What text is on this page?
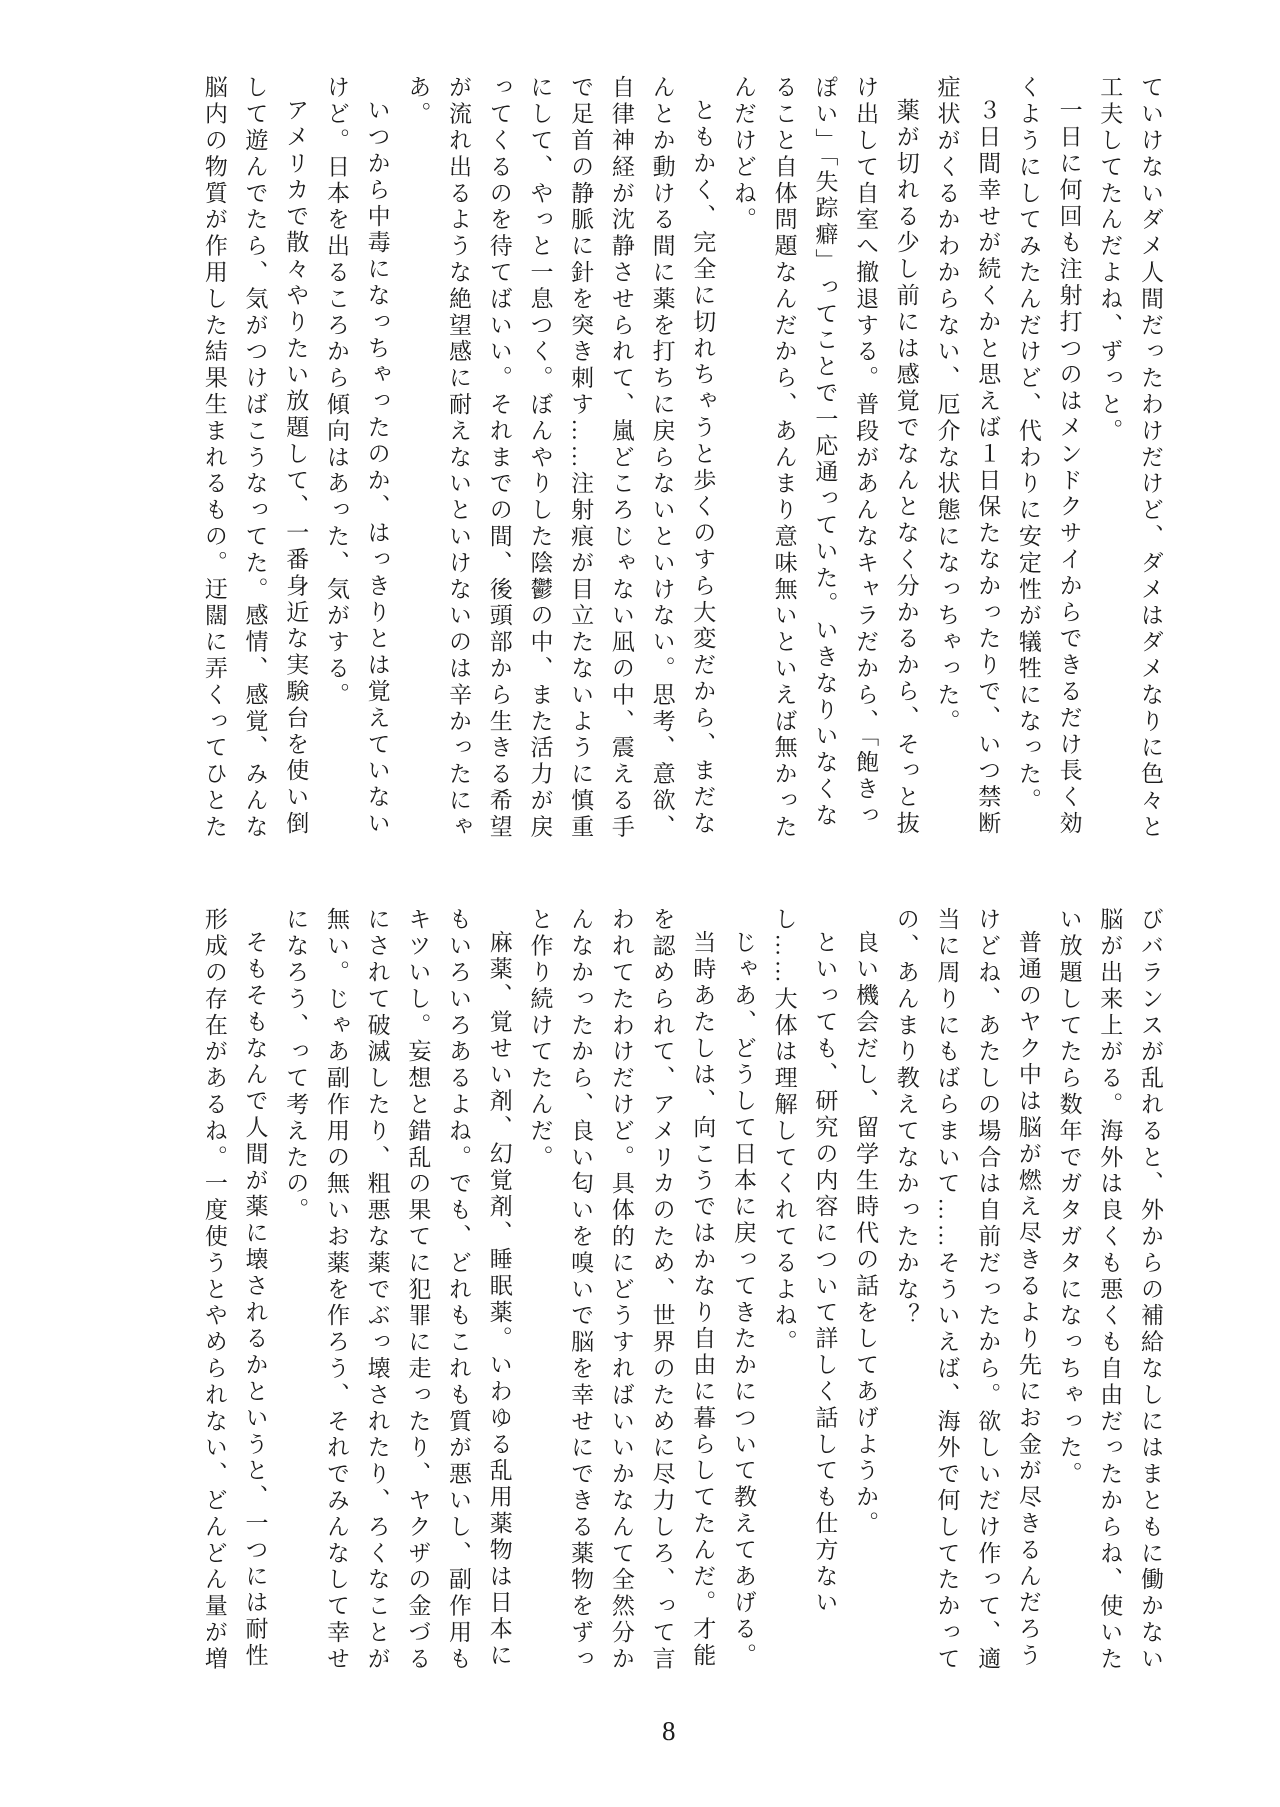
ていけないダメ人間だったわけだけど、ダメはダメなりに色々と工夫してたんだよね、ずっと。

一日に何回も注射打つのはメンドクサイからできるだけ長く効くようにしてみたんだけど、代わりに安定性が犠牲になった。

３日間幸せが続くかと思えば１日保たなかったりで、いつ禁断症状がくるかわからない、厄介な状態になっちゃった。

薬が切れる少し前には感覚でなんとなく分かるから、そっと抜け出して自室へ撤退する。普段があんなキャラだから、「飽きっぽい」「失踪癖」ってことで一応通っていた。いきなりいなくなること自体問題なんだから、あんまり意味無いといえば無かったんだけどね。

ともかく、完全に切れちゃうと歩くのすら大変だから、まだなんとか動ける間に薬を打ちに戻らないといけない。思考、意欲、自律神経が沈静させられて、嵐どころじゃない凪の中、震える手で足首の静脈に針を突き刺す……注射痕が目立たないように慎重にして、やっと一息つく。ぼんやりした陰鬱の中、また活力が戻ってくるのを待てばいい。それまでの間、後頭部から生きる希望が流れ出るような絶望感に耐えないといけないのは辛かったにゃあ。

いつから中毒になっちゃったのか、はっきりとは覚えていないけど。日本を出るころから傾向はあった、気がする。

アメリカで散々やりたい放題して、一番身近な実験台を使い倒して遊んでたら、気がつけばこうなってた。感情、感覚、みんな脳内の物質が作用した結果生まれるもの。迂闊に弄くってひとた

びバランスが乱れると、外からの補給なしにはまともに働かない脳が出来上がる。海外は良くも悪くも自由だったからね、使いたい放題してたら数年でガタガタになっちゃった。

普通のヤク中は脳が燃え尽きるより先にお金が尽きるんだろうけどね、あたしの場合は自前だったから。欲しいだけ作って、適当に周りにもばらまいて……そういえば、海外で何してたかっての、あんまり教えてなかったかな？

良い機会だし、留学生時代の話をしてあげようか。

といっても、研究の内容について詳しく話しても仕方ないし……大体は理解してくれてるよね。

じゃあ、どうして日本に戻ってきたかについて教えてあげる。

当時あたしは、向こうではかなり自由に暮らしてたんだ。才能を認められて、アメリカのため、世界のために尽力しろ、って言われてたわけだけど。具体的にどうすればいいかなんて全然分かんなかったから、良い匂いを嗅いで脳を幸せにできる薬物をずっと作り続けてたんだ。

麻薬、覚せい剤、幻覚剤、睡眠薬。いわゆる乱用薬物は日本にもいろいろあるよね。でも、どれもこれも質が悪いし、副作用もキツいし。妄想と錯乱の果てに犯罪に走ったり、ヤクザの金づるにされて破滅したり、粗悪な薬でぶっ壊されたり、ろくなことが無い。じゃあ副作用の無いお薬を作ろう、それでみんなして幸せになろう、って考えたの。

そもそもなんで人間が薬に壊されるかというと、一つには耐性形成の存在があるね。一度使うとやめられない、どんどん量が増

8
